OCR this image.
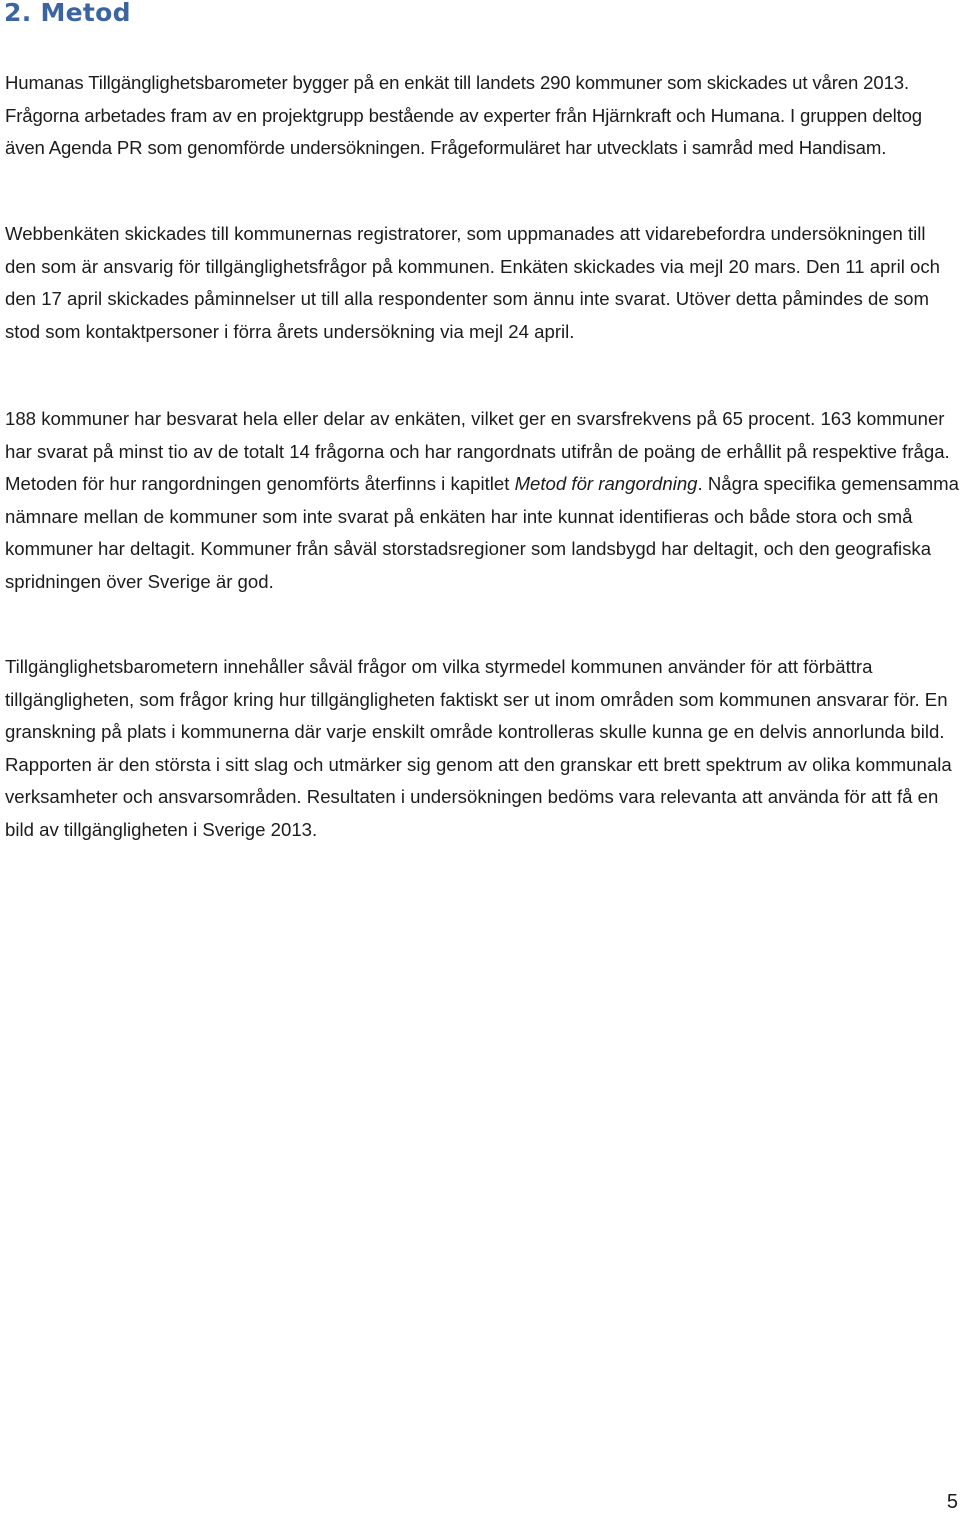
2. Metod

Humanas Tillgänglighetsbarometer bygger på en enkät till landets 290 kommuner som skickades ut våren 2013. Frågorna arbetades fram av en projektgrupp bestående av experter från Hjärnkraft och Humana. I gruppen deltog även Agenda PR som genomförde undersökningen. Frågeformuläret har utvecklats i samråd med Handisam.

Webbenkäten skickades till kommunernas registratorer, som uppmanades att vidarebefordra undersökningen till den som är ansvarig för tillgänglighetsfrågor på kommunen. Enkäten skickades via mejl 20 mars. Den 11 april och den 17 april skickades påminnelser ut till alla respondenter som ännu inte svarat. Utöver detta påmindes de som stod som kontaktpersoner i förra årets undersökning via mejl 24 april.

188 kommuner har besvarat hela eller delar av enkäten, vilket ger en svarsfrekvens på 65 procent. 163 kommuner har svarat på minst tio av de totalt 14 frågorna och har rangordnats utifrån de poäng de erhållit på respektive fråga. Metoden för hur rangordningen genomförts återfinns i kapitlet Metod för rangordning. Några specifika gemensamma nämnare mellan de kommuner som inte svarat på enkäten har inte kunnat identifieras och både stora och små kommuner har deltagit. Kommuner från såväl storstadsregioner som landsbygd har deltagit, och den geografiska spridningen över Sverige är god.

Tillgänglighetsbarometern innehåller såväl frågor om vilka styrmedel kommunen använder för att förbättra tillgängligheten, som frågor kring hur tillgängligheten faktiskt ser ut inom områden som kommunen ansvarar för. En granskning på plats i kommunerna där varje enskilt område kontrolleras skulle kunna ge en delvis annorlunda bild. Rapporten är den största i sitt slag och utmärker sig genom att den granskar ett brett spektrum av olika kommunala verksamheter och ansvarsområden. Resultaten i undersökningen bedöms vara relevanta att använda för att få en bild av tillgängligheten i Sverige 2013.

5
